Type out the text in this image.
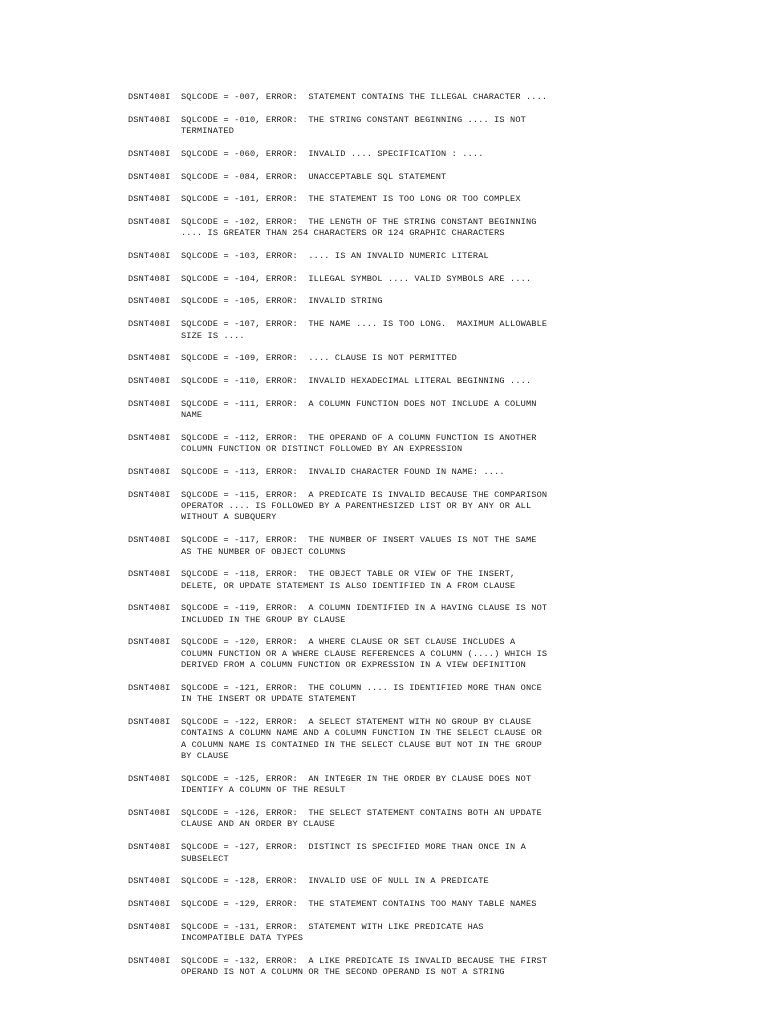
DSNT408I	SQLCODE = -007, ERROR:  STATEMENT CONTAINS THE ILLEGAL CHARACTER ....
DSNT408I	SQLCODE = -010, ERROR:  THE STRING CONSTANT BEGINNING .... IS NOT
TERMINATED
DSNT408I	SQLCODE = -060, ERROR:  INVALID .... SPECIFICATION : ....
DSNT408I	SQLCODE = -084, ERROR:  UNACCEPTABLE SQL STATEMENT
DSNT408I	SQLCODE = -101, ERROR:  THE STATEMENT IS TOO LONG OR TOO COMPLEX
DSNT408I	SQLCODE = -102, ERROR:  THE LENGTH OF THE STRING CONSTANT BEGINNING
.... IS GREATER THAN 254 CHARACTERS OR 124 GRAPHIC CHARACTERS
DSNT408I	SQLCODE = -103, ERROR:  .... IS AN INVALID NUMERIC LITERAL
DSNT408I	SQLCODE = -104, ERROR:  ILLEGAL SYMBOL .... VALID SYMBOLS ARE ....
DSNT408I	SQLCODE = -105, ERROR:  INVALID STRING
DSNT408I	SQLCODE = -107, ERROR:  THE NAME .... IS TOO LONG.  MAXIMUM ALLOWABLE
SIZE IS ....
DSNT408I	SQLCODE = -109, ERROR:  .... CLAUSE IS NOT PERMITTED
DSNT408I	SQLCODE = -110, ERROR:  INVALID HEXADECIMAL LITERAL BEGINNING ....
DSNT408I	SQLCODE = -111, ERROR:  A COLUMN FUNCTION DOES NOT INCLUDE A COLUMN
NAME
DSNT408I	SQLCODE = -112, ERROR:  THE OPERAND OF A COLUMN FUNCTION IS ANOTHER
COLUMN FUNCTION OR DISTINCT FOLLOWED BY AN EXPRESSION
DSNT408I	SQLCODE = -113, ERROR:  INVALID CHARACTER FOUND IN NAME: ....
DSNT408I	SQLCODE = -115, ERROR:  A PREDICATE IS INVALID BECAUSE THE COMPARISON
OPERATOR .... IS FOLLOWED BY A PARENTHESIZED LIST OR BY ANY OR ALL
WITHOUT A SUBQUERY
DSNT408I	SQLCODE = -117, ERROR:  THE NUMBER OF INSERT VALUES IS NOT THE SAME
AS THE NUMBER OF OBJECT COLUMNS
DSNT408I	SQLCODE = -118, ERROR:  THE OBJECT TABLE OR VIEW OF THE INSERT,
DELETE, OR UPDATE STATEMENT IS ALSO IDENTIFIED IN A FROM CLAUSE
DSNT408I	SQLCODE = -119, ERROR:  A COLUMN IDENTIFIED IN A HAVING CLAUSE IS NOT
INCLUDED IN THE GROUP BY CLAUSE
DSNT408I	SQLCODE = -120, ERROR:  A WHERE CLAUSE OR SET CLAUSE INCLUDES A
COLUMN FUNCTION OR A WHERE CLAUSE REFERENCES A COLUMN (....) WHICH IS
DERIVED FROM A COLUMN FUNCTION OR EXPRESSION IN A VIEW DEFINITION
DSNT408I	SQLCODE = -121, ERROR:  THE COLUMN .... IS IDENTIFIED MORE THAN ONCE
IN THE INSERT OR UPDATE STATEMENT
DSNT408I	SQLCODE = -122, ERROR:  A SELECT STATEMENT WITH NO GROUP BY CLAUSE
CONTAINS A COLUMN NAME AND A COLUMN FUNCTION IN THE SELECT CLAUSE OR
A COLUMN NAME IS CONTAINED IN THE SELECT CLAUSE BUT NOT IN THE GROUP
BY CLAUSE
DSNT408I	SQLCODE = -125, ERROR:  AN INTEGER IN THE ORDER BY CLAUSE DOES NOT
IDENTIFY A COLUMN OF THE RESULT
DSNT408I	SQLCODE = -126, ERROR:  THE SELECT STATEMENT CONTAINS BOTH AN UPDATE
CLAUSE AND AN ORDER BY CLAUSE
DSNT408I	SQLCODE = -127, ERROR:  DISTINCT IS SPECIFIED MORE THAN ONCE IN A
SUBSELECT
DSNT408I	SQLCODE = -128, ERROR:  INVALID USE OF NULL IN A PREDICATE
DSNT408I	SQLCODE = -129, ERROR:  THE STATEMENT CONTAINS TOO MANY TABLE NAMES
DSNT408I	SQLCODE = -131, ERROR:  STATEMENT WITH LIKE PREDICATE HAS
INCOMPATIBLE DATA TYPES
DSNT408I	SQLCODE = -132, ERROR:  A LIKE PREDICATE IS INVALID BECAUSE THE FIRST
OPERAND IS NOT A COLUMN OR THE SECOND OPERAND IS NOT A STRING
